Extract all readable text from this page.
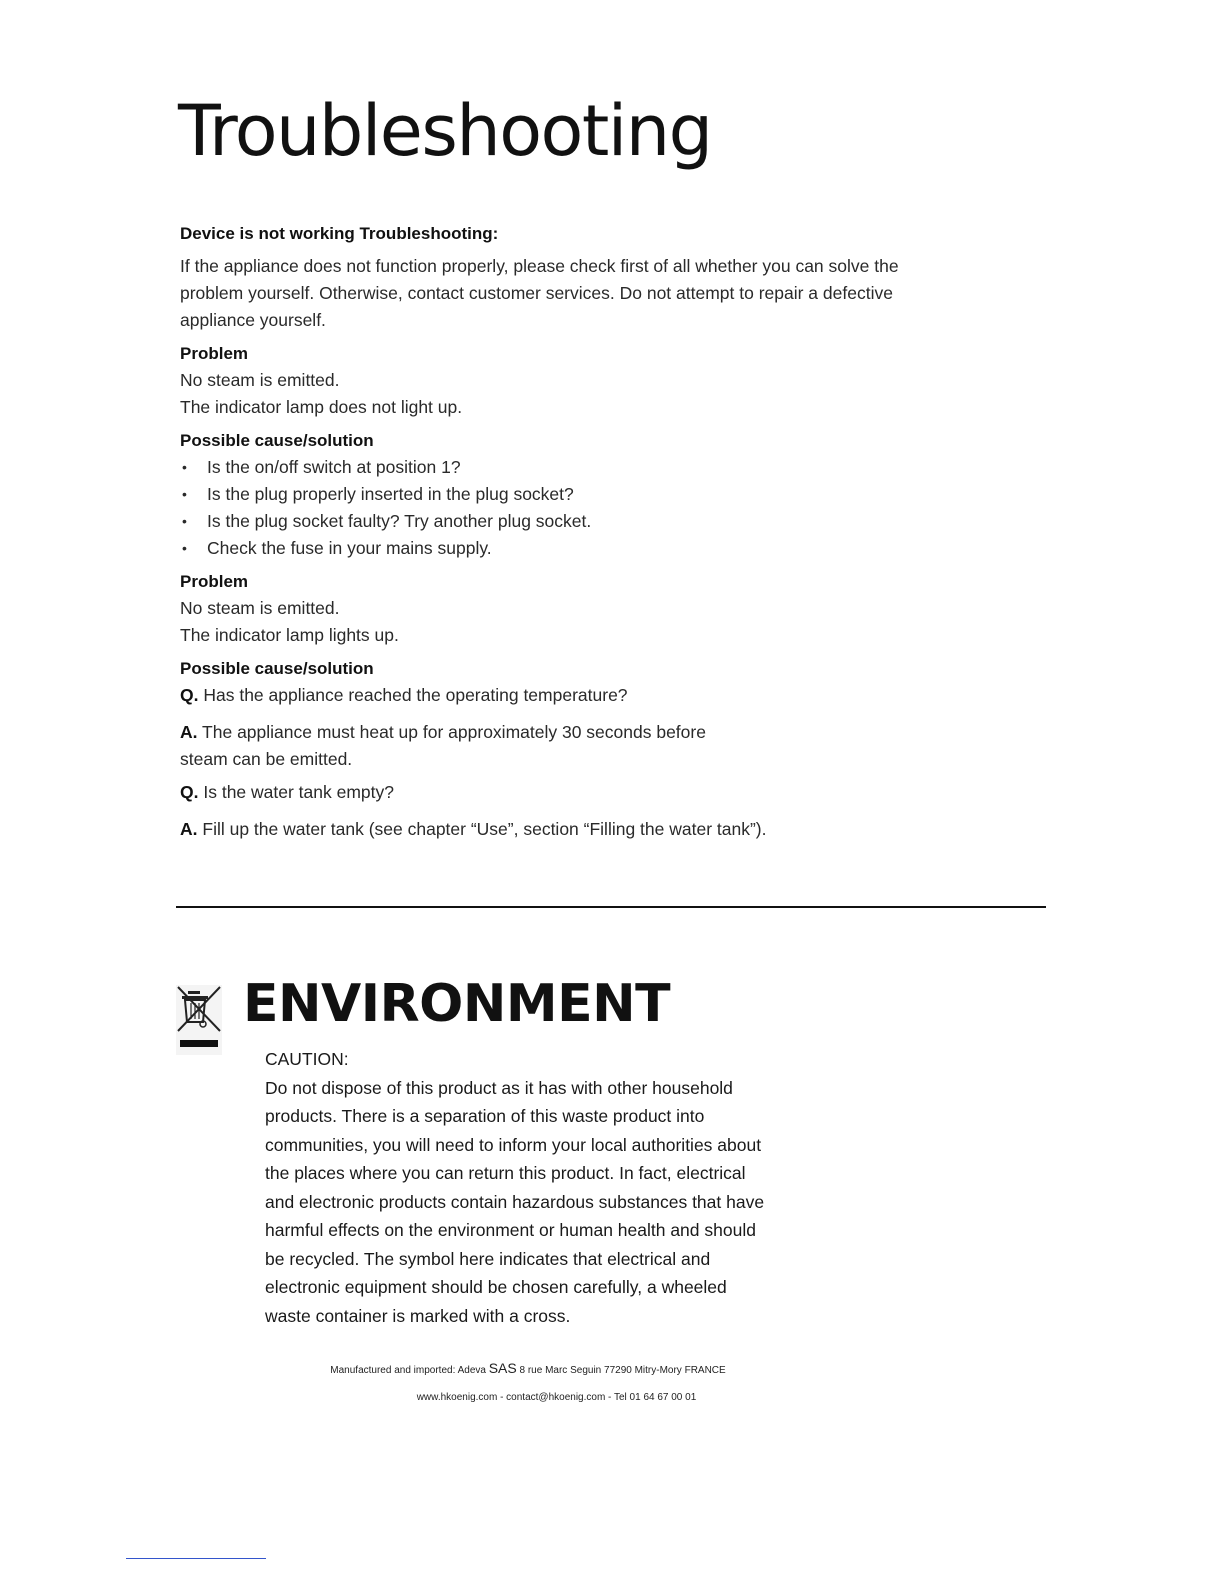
Troubleshooting

Device is not working Troubleshooting:

If the appliance does not function properly, please check first of all whether you can solve the

problem yourself. Otherwise, contact customer services. Do not attempt to repair a defective

appliance yourself.

Problem

No steam is emitted.

The indicator lamp does not light up.

Possible cause/solution

• Is the on/off switch at position 1?
• Is the plug properly inserted in the plug socket?
• Is the plug socket faulty? Try another plug socket.
• Check the fuse in your mains supply.

Problem

No steam is emitted.

The indicator lamp lights up.

Possible cause/solution

Q. Has the appliance reached the operating temperature?

A. The appliance must heat up for approximately 30 seconds before

steam can be emitted.

Q. Is the water tank empty?

A. Fill up the water tank (see chapter “Use”, section “Filling the water tank”).

ENVIRONMENT
CAUTION:
Do not dispose of this product as it has with other household
products. There is a separation of this waste product into
communities, you will need to inform your local authorities about
the places where you can return this product. In fact, electrical
and electronic products contain hazardous substances that have
harmful effects on the environment or human health and should
be recycled. The symbol here indicates that electrical and
electronic equipment should be chosen carefully, a wheeled
waste container is marked with a cross.
Manufactured and imported: Adeva SAS 8 rue Marc Seguin 77290 Mitry-Mory FRANCE
www.hkoenig.com - contact@hkoenig.com - Tel 01 64 67 00 01
